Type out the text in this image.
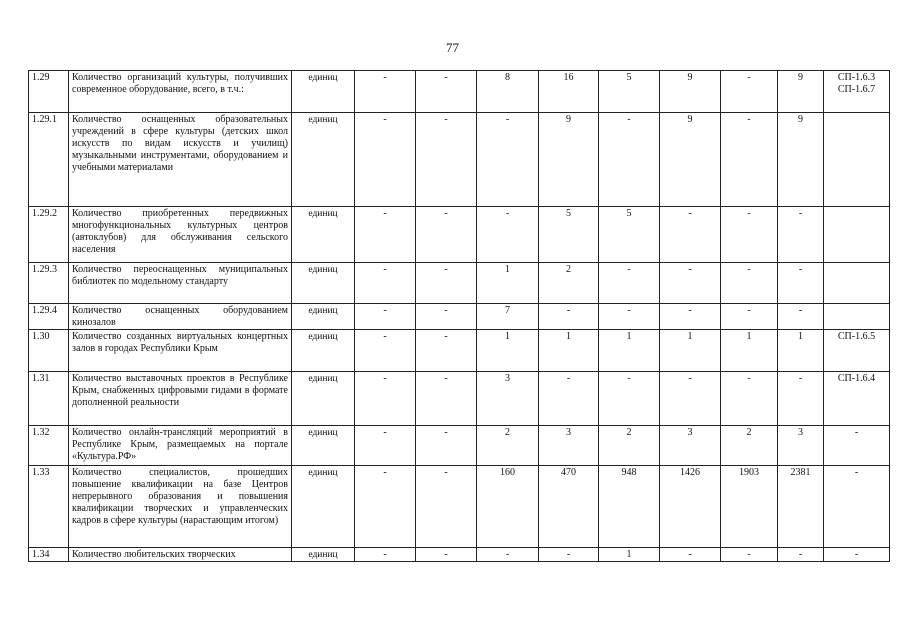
77
1.29	Количество организаций культуры, получивших современное оборудование, всего, в т.ч.:	единиц	-	-	8	16	5	9	-	9	СП-1.6.3
СП-1.6.7

1.29.1	Количество оснащенных образовательных учреждений в сфере культуры (детских школ искусств по видам искусств и училищ) музыкальными инструментами, оборудованием и учебными материалами	единиц	-	-	-	9	-	9	-	9	
1.29.2	Количество приобретенных передвижных многофункциональных культурных центров (автоклубов) для обслуживания сельского населения	единиц	-	-	-	5	5	-	-	-	
1.29.3	Количество переоснащенных муниципальных библиотек по модельному стандарту	единиц	-	-	1	2	-	-	-	-	
1.29.4	Количество оснащенных оборудованием кинозалов	единиц	-	-	7	-	-	-	-	-	
1.30	Количество созданных виртуальных концертных залов в городах Республики Крым	единиц	-	-	1	1	1	1	1	1	СП-1.6.5

1.31	Количество выставочных проектов в Республике Крым, снабженных цифровыми гидами в формате дополненной реальности	единиц	-	-	3	-	-	-	-	-	СП-1.6.4

1.32	Количество онлайн-трансляций мероприятий в Республике Крым, размещаемых на портале «Культура.РФ»	единиц	-	-	2	3	2	3	2	3	-

1.33	Количество специалистов, прошедших повышение квалификации на базе Центров непрерывного образования и повышения квалификации творческих и управленческих кадров в сфере культуры (нарастающим итогом)	единиц	-	-	160	470	948	1426	1903	2381	-

1.34	Количество любительских творческих	единиц	-	-	-	-	1	-	-	-	-
